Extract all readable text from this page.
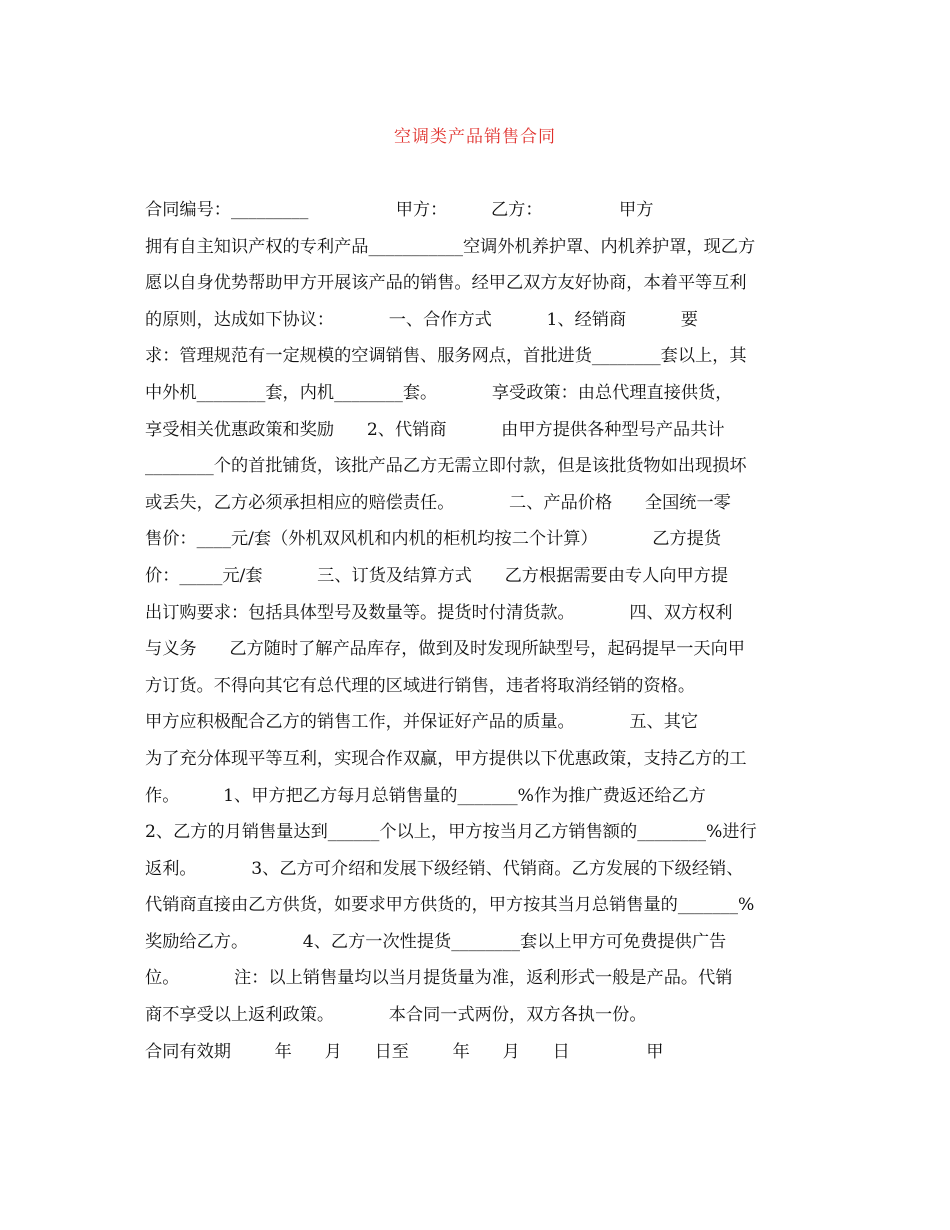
空调类产品销售合同
合同编号：_________                甲方：        乙方：              甲方
拥有自主知识产权的专利产品___________空调外机养护罩、内机养护罩，现乙方
愿以自身优势帮助甲方开展该产品的销售。经甲乙双方友好协商，本着平等互利
的原则，达成如下协议：          一、合作方式          1、经销商          要
求：管理规范有一定规模的空调销售、服务网点，首批进货________套以上，其
中外机________套，内机________套。          享受政策：由总代理直接供货，
享受相关优惠政策和奖励      2、代销商          由甲方提供各种型号产品共计
________个的首批铺货，该批产品乙方无需立即付款，但是该批货物如出现损坏
或丢失，乙方必须承担相应的赔偿责任。          二、产品价格      全国统一零
售价：____元/套（外机双风机和内机的柜机均按二个计算）          乙方提货
价：_____元/套          三、订货及结算方式      乙方根据需要由专人向甲方提
出订购要求：包括具体型号及数量等。提货时付清货款。          四、双方权利
与义务      乙方随时了解产品库存，做到及时发现所缺型号，起码提早一天向甲
方订货。不得向其它有总代理的区域进行销售，违者将取消经销的资格。
甲方应积极配合乙方的销售工作，并保证好产品的质量。          五、其它
为了充分体现平等互利，实现合作双赢，甲方提供以下优惠政策，支持乙方的工
作。        1、甲方把乙方每月总销售量的_______%作为推广费返还给乙方
2、乙方的月销售量达到______个以上，甲方按当月乙方销售额的________%进行
返利。          3、乙方可介绍和发展下级经销、代销商。乙方发展的下级经销、
代销商直接由乙方供货，如要求甲方供货的，甲方按其当月总销售量的_______%
奖励给乙方。          4、乙方一次性提货________套以上甲方可免费提供广告
位。          注：以上销售量均以当月提货量为准，返利形式一般是产品。代销
商不享受以上返利政策。          本合同一式两份，双方各执一份。
合同有效期        年      月      日至        年      月      日              甲
